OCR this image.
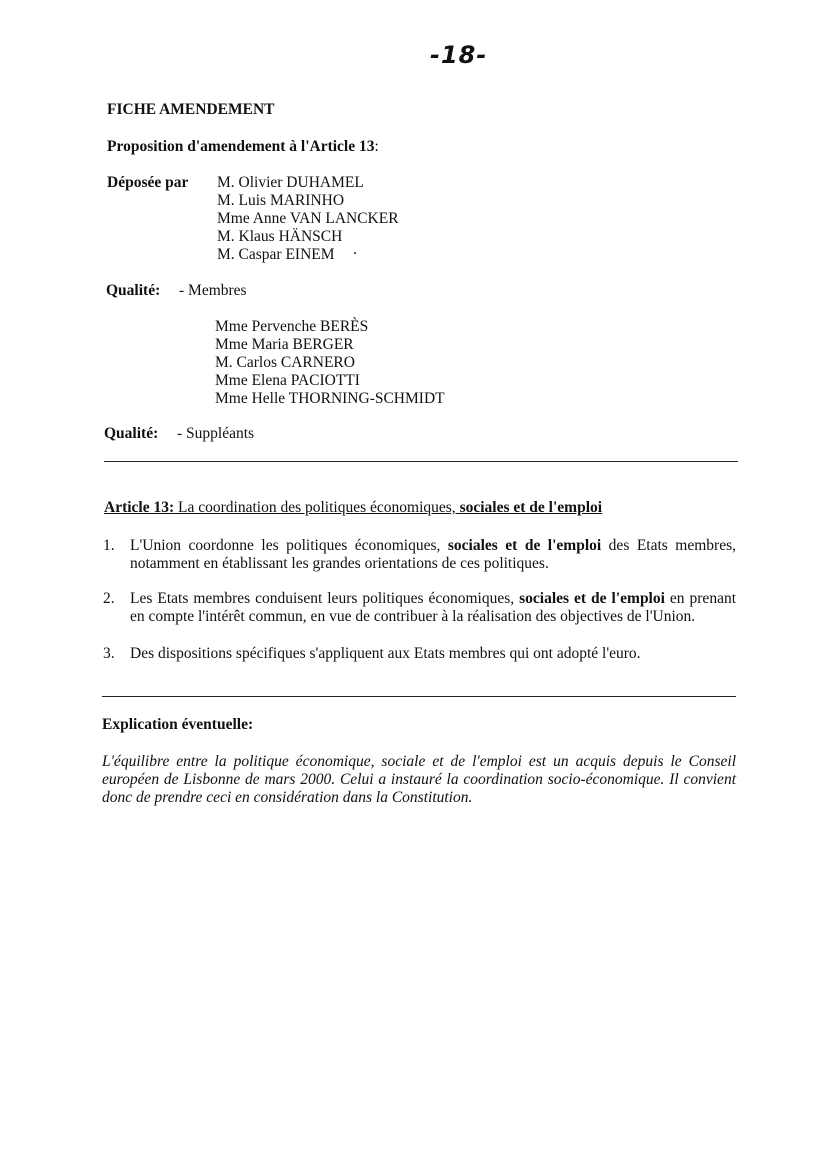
-18-
FICHE AMENDEMENT
Proposition d'amendement à l'Article 13:
Déposée par M. Olivier DUHAMEL
M. Luis MARINHO
Mme Anne VAN LANCKER
M. Klaus HÄNSCH
M. Caspar EINEM
Qualité: - Membres
Mme Pervenche BERÈS
Mme Maria BERGER
M. Carlos CARNERO
Mme Elena PACIOTTI
Mme Helle THORNING-SCHMIDT
Qualité: - Suppléants
Article 13: La coordination des politiques économiques, sociales et de l'emploi
1. L'Union coordonne les politiques économiques, sociales et de l'emploi des Etats membres, notamment en établissant les grandes orientations de ces politiques.
2. Les Etats membres conduisent leurs politiques économiques, sociales et de l'emploi en prenant en compte l'intérêt commun, en vue de contribuer à la réalisation des objectives de l'Union.
3. Des dispositions spécifiques s'appliquent aux Etats membres qui ont adopté l'euro.
Explication éventuelle:
L'équilibre entre la politique économique, sociale et de l'emploi est un acquis depuis le Conseil européen de Lisbonne de mars 2000. Celui a instauré la coordination socio-économique. Il convient donc de prendre ceci en considération dans la Constitution.
